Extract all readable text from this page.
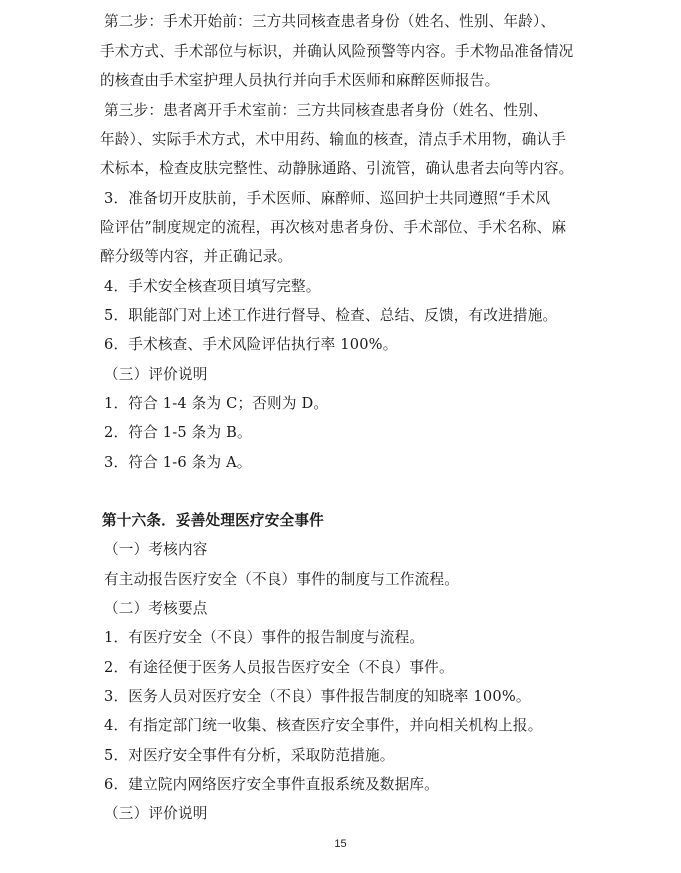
第二步：手术开始前：三方共同核查患者身份（姓名、性别、年龄）、
手术方式、手术部位与标识，并确认风险预警等内容。手术物品准备情况
的核查由手术室护理人员执行并向手术医师和麻醉医师报告。
第三步：患者离开手术室前：三方共同核查患者身份（姓名、性别、
年龄）、实际手术方式，术中用药、输血的核查，清点手术用物，确认手
术标本，检查皮肤完整性、动静脉通路、引流管，确认患者去向等内容。
3．准备切开皮肤前，手术医师、麻醉师、巡回护士共同遵照“手术风
险评估”制度规定的流程，再次核对患者身份、手术部位、手术名称、麻
醉分级等内容，并正确记录。
4．手术安全核查项目填写完整。
5．职能部门对上述工作进行督导、检查、总结、反馈，有改进措施。
6．手术核查、手术风险评估执行率 100%。
（三）评价说明
1．符合 1-4 条为 C；否则为 D。
2．符合 1-5 条为 B。
3．符合 1-6 条为 A。
第十六条．妥善处理医疗安全事件
（一）考核内容
有主动报告医疗安全（不良）事件的制度与工作流程。
（二）考核要点
1．有医疗安全（不良）事件的报告制度与流程。
2．有途径便于医务人员报告医疗安全（不良）事件。
3．医务人员对医疗安全（不良）事件报告制度的知晓率 100%。
4．有指定部门统一收集、核查医疗安全事件，并向相关机构上报。
5．对医疗安全事件有分析，采取防范措施。
6．建立院内网络医疗安全事件直报系统及数据库。
（三）评价说明
15
